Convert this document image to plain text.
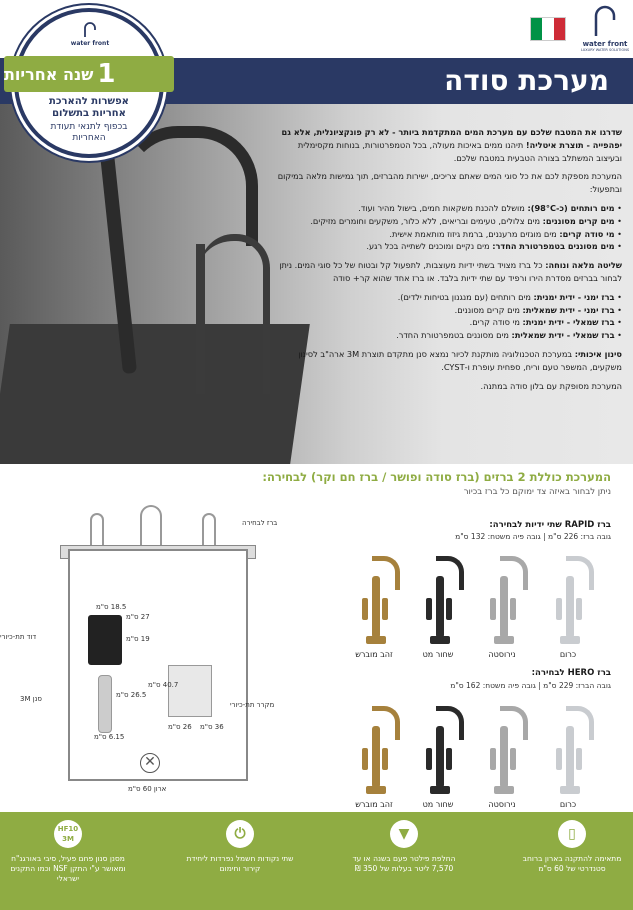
water front
LUXURY WATER SOLUTIONS
מערכת סודה
water front
1
שנה אחריות
אפשרות להארכת אחריות בתשלום
בכפוף לתנאי תעודת האחריות

שדרגו את המטבח שלכם עם מערכת המים המתקדמת ביותר - לא רק פונקציונלית, אלא גם יפהפייה - תוצרת איטליה! תיהנו ממים באיכות מעולה, בכל הטמפרטורות, בנוחות מקסימלית ובעיצוב המשתלב בצורה הטבעית במטבח שלכם.

המערכת מספקת לכם את כל סוגי המים שאתם צריכים, ישירות מהברזים, תוך גמישות מלאה במיקום ובתפעול:

• מים רותחים (כ-98°C): מושלם להכנת משקאות חמים, בישול מהיר ועוד.
• מים קרים מסוננים: מים צלולים, טעימים ובריאים, ללא כלור, משקעים וחומרים מזיקים.
• מי סודה קרים: מים מוגזים מרעננים, ברמת גיזוז מותאמת אישית.
• מים מסוננים בטמפרטורת החדר: מים נקיים ומוכנים לשתייה בכל רגע.

שליטה מלאה ונוחה: כל ברז מצויד בשתי ידיות מעוצבות, לתפעול קל ובטוח של כל סוגי המים. ניתן לבחור בברזים מסדרת הירו ורפיד עם שתי ידיות בלבד. או ברז אחד שהוא קר+ סודה

• ברז ימני - ידית ימנית: מים רותחים (עם מנגנון בטיחות ילדים).
• ברז ימני - ידית שמאלית: מים קרים מסוננים.
• ברז שמאלי - ידית ימנית: מי סודה קרים.
• ברז שמאלי - ידית שמאלית: מים מסוננים בטמפרטורת החדר.

סינון איכותי: במערכת הטכנולוגיה מותקנת לכיור נמצא סנן מתקדם תוצרת 3M ארה"ב לסינון משקעים, המשפר טעם וריח, ספחית עופרת ו-CYST.

המערכת מסופקת עם בלון סודה במתנה.

המערכת כוללת 2 ברזים (ברז סודה ופושר / ברז חם וקר) לבחירה:
ניתן לבחור באיזה צד ימוקם כל ברז בכיור
✕
ברז לבחירה
דוד תת-כיורי
סנן 3M
מקרר תת-כיורי
ארון 60 ס"מ
18.5 ס"מ
27 ס"מ
19 ס"מ
26.5 ס"מ
6.15 ס"מ
40.7 ס"מ
26 ס"מ 36 ס"מ
ברז RAPID שתי ידיות לבחירה:
גובה ברז: 226 ס"מ | גובה פיה משטח: 132 ס"מ
כרום
נירוסטה
שחור מט
זהב מוברש
ברז HERO לבחירה:
גובה הברז: 229 ס"מ | גובה פיה משטח: 162 ס"מ
כרום
נירוסטה
שחור מט
זהב מוברש
▯
מתאימה להתקנה בארון ברוחב סטנדרטי של 60 ס"מ
▼
החלפת פילטר פעם בשנה או עד 7,570 ליטר בעלות של 350 ₪
⏻
שתי נקודות חשמל נפרדות ליחידת קירור וחימום
HF10
3M
מסנן סנון פחם פעיל, סיבי באורגנ"ח ומאושר ע"י התקן NSF וכמו התקנים ישראלי
